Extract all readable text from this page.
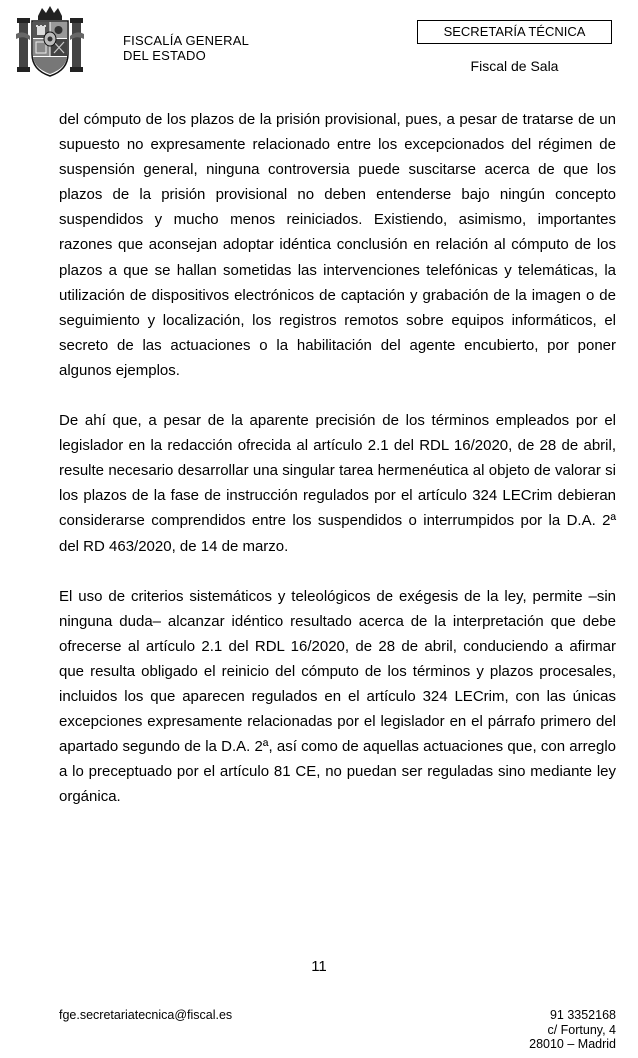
FISCALÍA GENERAL
DEL ESTADO
SECRETARÍA TÉCNICA
Fiscal de Sala

del cómputo de los plazos de la prisión provisional, pues, a pesar de tratarse de un supuesto no expresamente relacionado entre los excepcionados del régimen de suspensión general, ninguna controversia puede suscitarse acerca de que los plazos de la prisión provisional no deben entenderse bajo ningún concepto suspendidos y mucho menos reiniciados. Existiendo, asimismo, importantes razones que aconsejan adoptar idéntica conclusión en relación al cómputo de los plazos a que se hallan sometidas las intervenciones telefónicas y telemáticas, la utilización de dispositivos electrónicos de captación y grabación de la imagen o de seguimiento y localización, los registros remotos sobre equipos informáticos, el secreto de las actuaciones o la habilitación del agente encubierto, por poner algunos ejemplos.

De ahí que, a pesar de la aparente precisión de los términos empleados por el legislador en la redacción ofrecida al artículo 2.1 del RDL 16/2020, de 28 de abril, resulte necesario desarrollar una singular tarea hermenéutica al objeto de valorar si los plazos de la fase de instrucción regulados por el artículo 324 LECrim debieran considerarse comprendidos entre los suspendidos o interrumpidos por la D.A. 2ª del RD 463/2020, de 14 de marzo.

El uso de criterios sistemáticos y teleológicos de exégesis de la ley, permite –sin ninguna duda– alcanzar idéntico resultado acerca de la interpretación que debe ofrecerse al artículo 2.1 del RDL 16/2020, de 28 de abril, conduciendo a afirmar que resulta obligado el reinicio del cómputo de los términos y plazos procesales, incluidos los que aparecen regulados en el artículo 324 LECrim, con las únicas excepciones expresamente relacionadas por el legislador en el párrafo primero del apartado segundo de la D.A. 2ª, así como de aquellas actuaciones que, con arreglo a lo preceptuado por el artículo 81 CE, no puedan ser reguladas sino mediante ley orgánica.

11
fge.secretariatecnica@fiscal.es	91 3352168
c/ Fortuny, 4
28010 – Madrid
